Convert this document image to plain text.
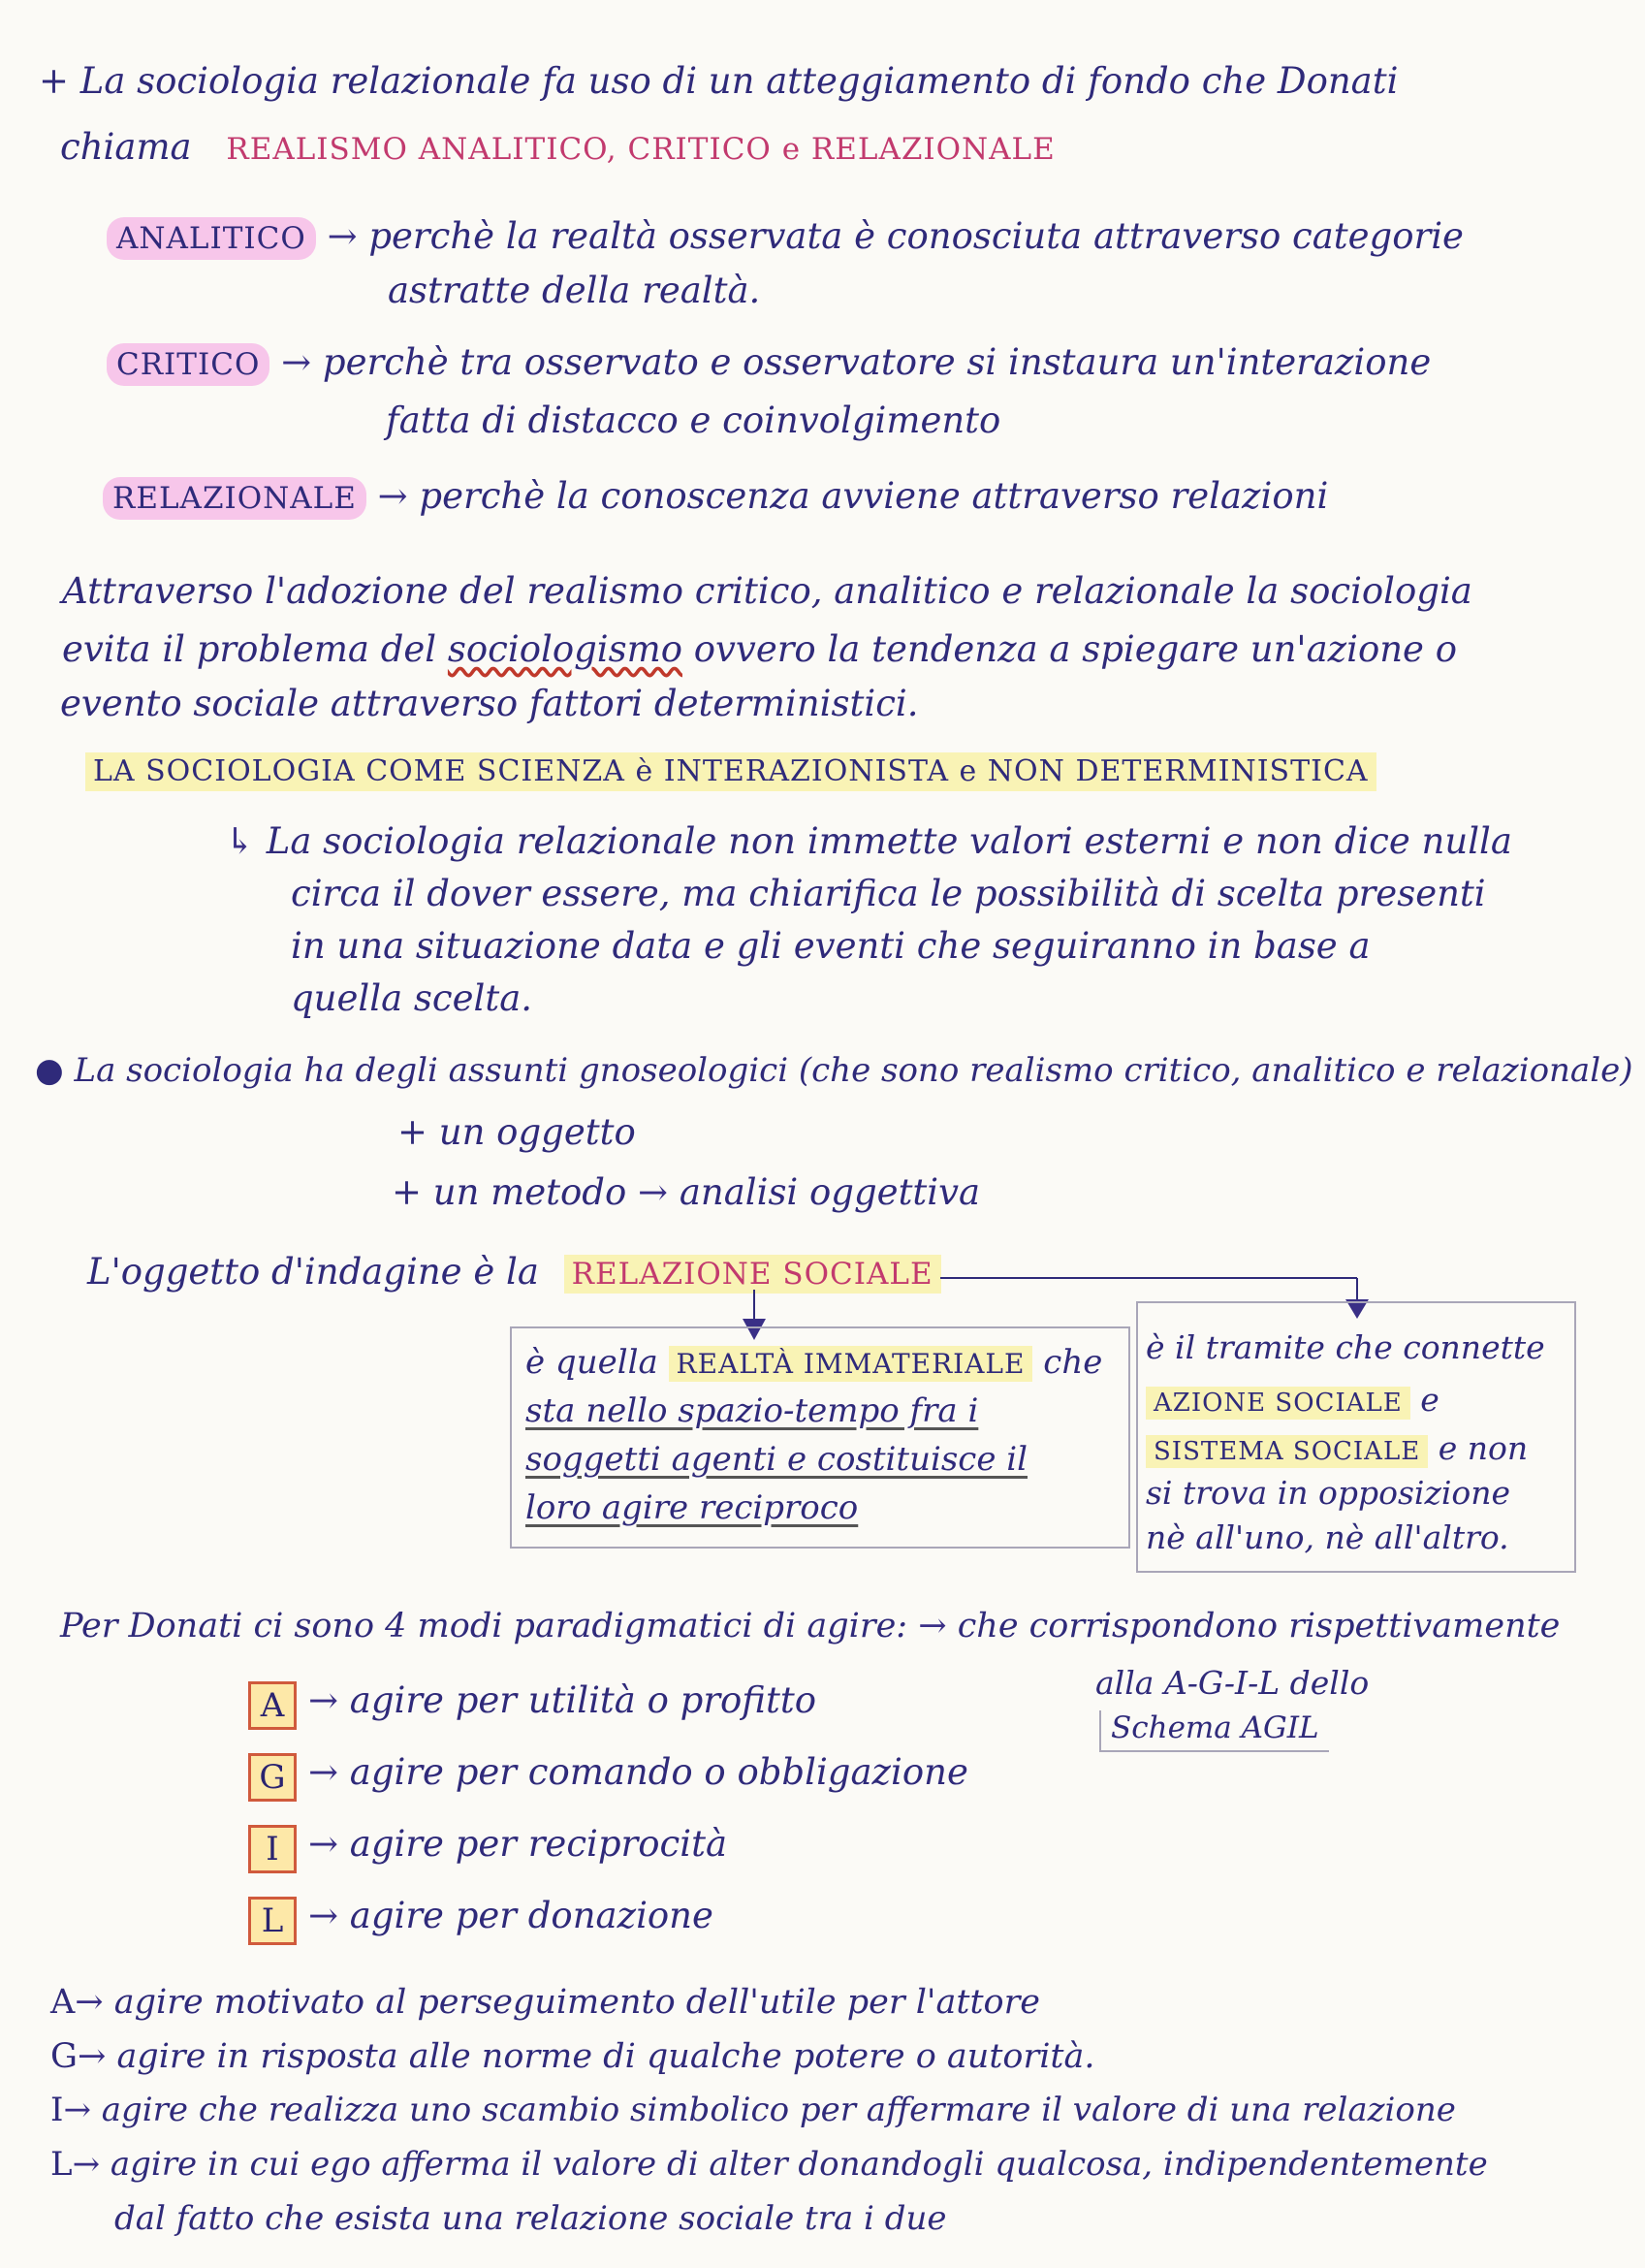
+ La sociologia relazionale fa uso di un atteggiamento di fondo che Donati
chiama REALISMO ANALITICO, CRITICO e RELAZIONALE
ANALITICO → perchè la realtà osservata è conosciuta attraverso categorie
astratte della realtà.
CRITICO → perchè tra osservato e osservatore si instaura un'interazione
fatta di distacco e coinvolgimento
RELAZIONALE → perchè la conoscenza avviene attraverso relazioni
Attraverso l'adozione del realismo critico, analitico e relazionale la sociologia
evita il problema del sociologismo ovvero la tendenza a spiegare un'azione o
evento sociale attraverso fattori deterministici.
LA SOCIOLOGIA COME SCIENZA è INTERAZIONISTA e NON DETERMINISTICA
↳ La sociologia relazionale non immette valori esterni e non dice nulla
circa il dover essere, ma chiarifica le possibilità di scelta presenti
in una situazione data e gli eventi che seguiranno in base a
quella scelta.
● La sociologia ha degli assunti gnoseologici (che sono realismo critico, analitico e relazionale)
+ un oggetto
+ un metodo → analisi oggettiva
L'oggetto d'indagine è la RELAZIONE SOCIALE
è quella REALTÀ IMMATERIALE che
sta nello spazio-tempo fra i
soggetti agenti e costituisce il
loro agire reciproco
è il tramite che connette
AZIONE SOCIALE e
SISTEMA SOCIALE e non
si trova in opposizione
nè all'uno, nè all'altro.
Per Donati ci sono 4 modi paradigmatici di agire: → che corrispondono rispettivamente
alla A-G-I-L dello
Schema AGIL
A → agire per utilità o profitto
G → agire per comando o obbligazione
I → agire per reciprocità
L → agire per donazione
A→ agire motivato al perseguimento dell'utile per l'attore
G→ agire in risposta alle norme di qualche potere o autorità.
I→ agire che realizza uno scambio simbolico per affermare il valore di una relazione
L→ agire in cui ego afferma il valore di alter donandogli qualcosa, indipendentemente
dal fatto che esista una relazione sociale tra i due
